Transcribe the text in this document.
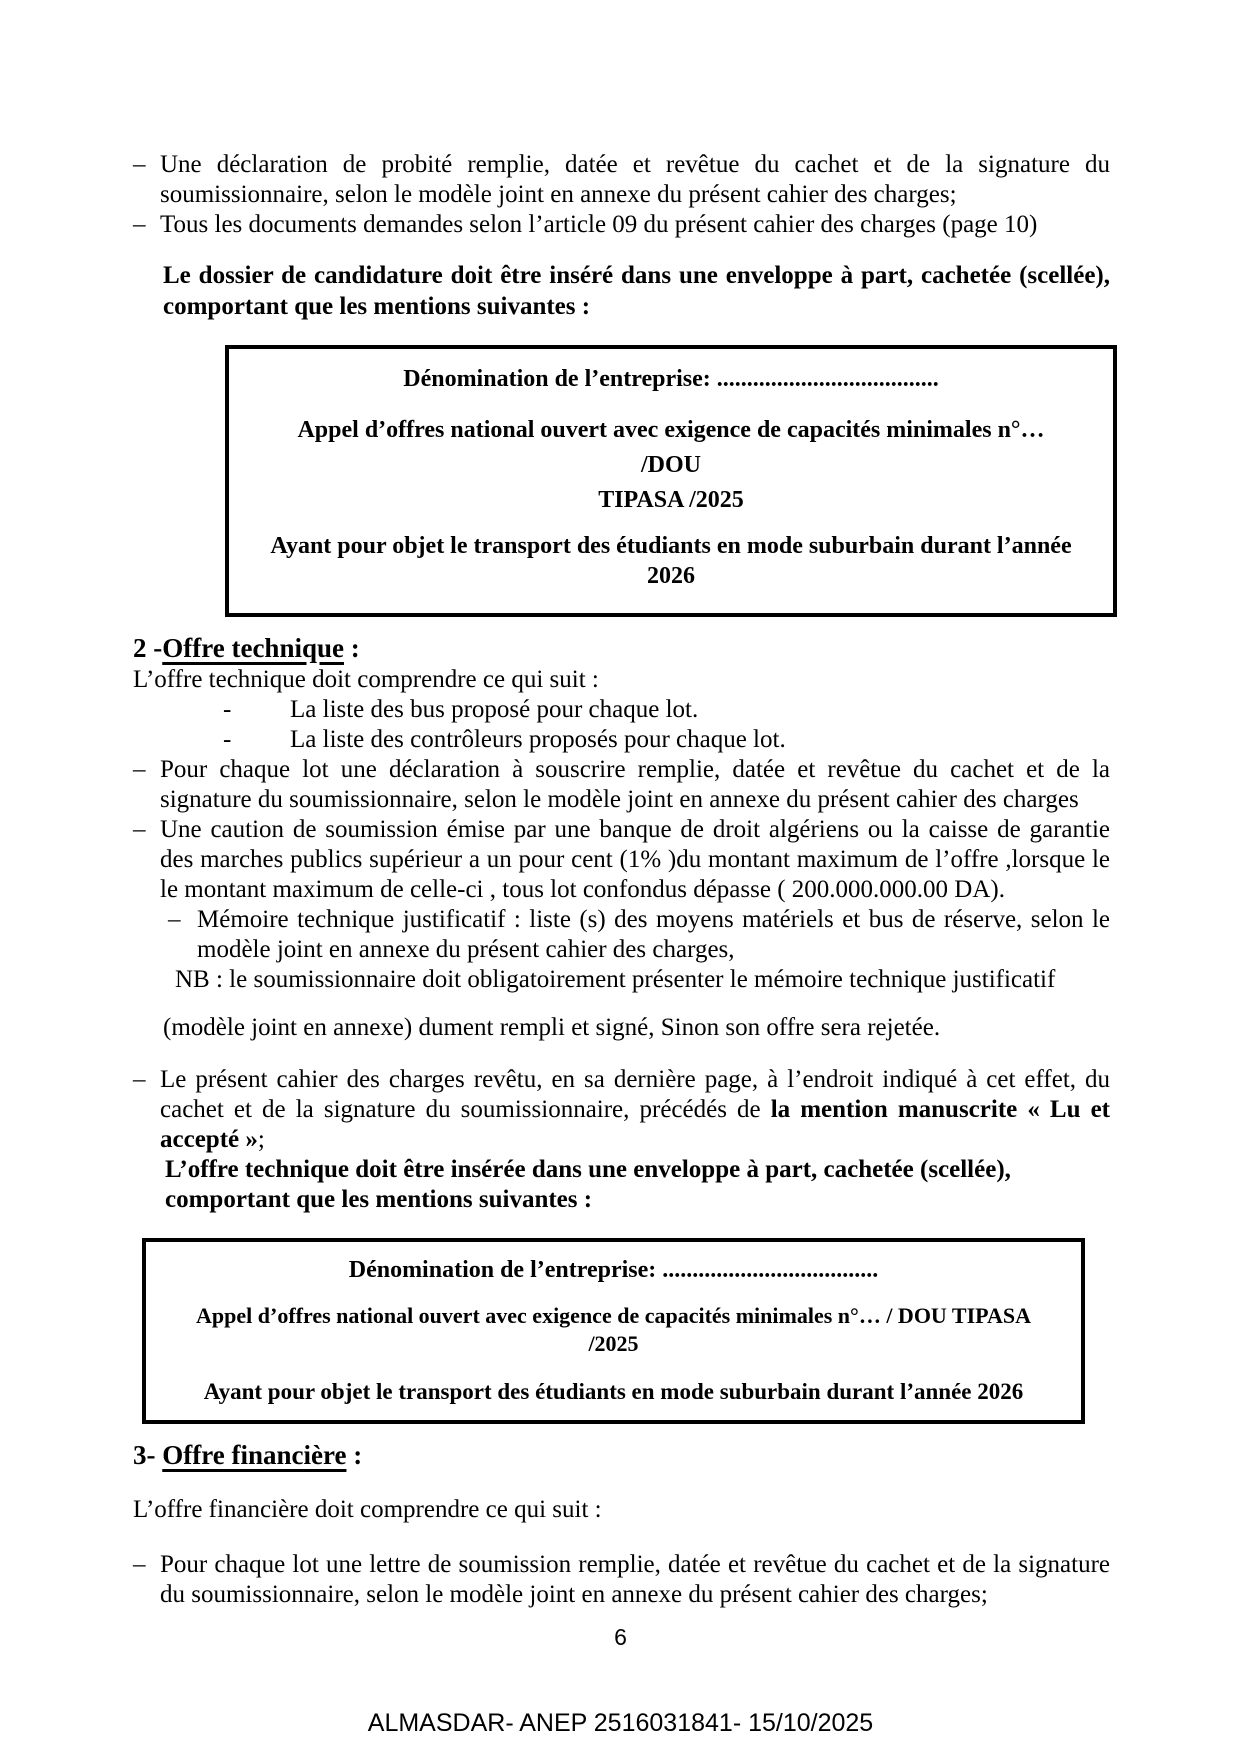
– Une déclaration de probité remplie, datée et revêtue du cachet et de la signature du soumissionnaire, selon le modèle joint en annexe du présent cahier des charges;
– Tous les documents demandes selon l’article 09 du présent cahier des charges (page 10)

Le dossier de candidature doit être inséré dans une enveloppe à part, cachetée (scellée), comportant que les mentions suivantes :

Dénomination de l’entreprise: .....................................

Appel d’offres national ouvert avec exigence de capacités minimales n°… /DOU
TIPASA /2025

Ayant pour objet le transport des étudiants en mode suburbain durant l’année 2026

2 -Offre technique :

L’offre technique doit comprendre ce qui suit :

- La liste des bus proposé pour chaque lot.
- La liste des contrôleurs proposés pour chaque lot.
– Pour chaque lot une déclaration à souscrire remplie, datée et revêtue du cachet et de la signature du soumissionnaire, selon le modèle joint en annexe du présent cahier des charges
– Une caution de soumission émise par une banque de droit algériens ou la caisse de garantie des marches publics supérieur a un pour cent (1% )du montant maximum de l’offre ,lorsque le le montant maximum de celle-ci , tous lot confondus dépasse ( 200.000.000.00 DA).
– Mémoire technique justificatif : liste (s) des moyens matériels et bus de réserve, selon le modèle joint en annexe du présent cahier des charges,

NB : le soumissionnaire doit obligatoirement présenter le mémoire technique justificatif

(modèle joint en annexe) dument rempli et signé, Sinon son offre sera rejetée.

– Le présent cahier des charges revêtu, en sa dernière page, à l’endroit indiqué à cet effet, du cachet et de la signature du soumissionnaire, précédés de la mention manuscrite « Lu et accepté »;
L’offre technique doit être insérée dans une enveloppe à part, cachetée (scellée),
comportant que les mentions suivantes :

Dénomination de l’entreprise: ....................................

Appel d’offres national ouvert avec exigence de capacités minimales n°… / DOU TIPASA /2025

Ayant pour objet le transport des étudiants en mode suburbain durant l’année 2026

3- Offre financière :

L’offre financière doit comprendre ce qui suit :

– Pour chaque lot une lettre de soumission remplie, datée et revêtue du cachet et de la signature du soumissionnaire, selon le modèle joint en annexe du présent cahier des charges;
6
ALMASDAR- ANEP 2516031841- 15/10/2025
